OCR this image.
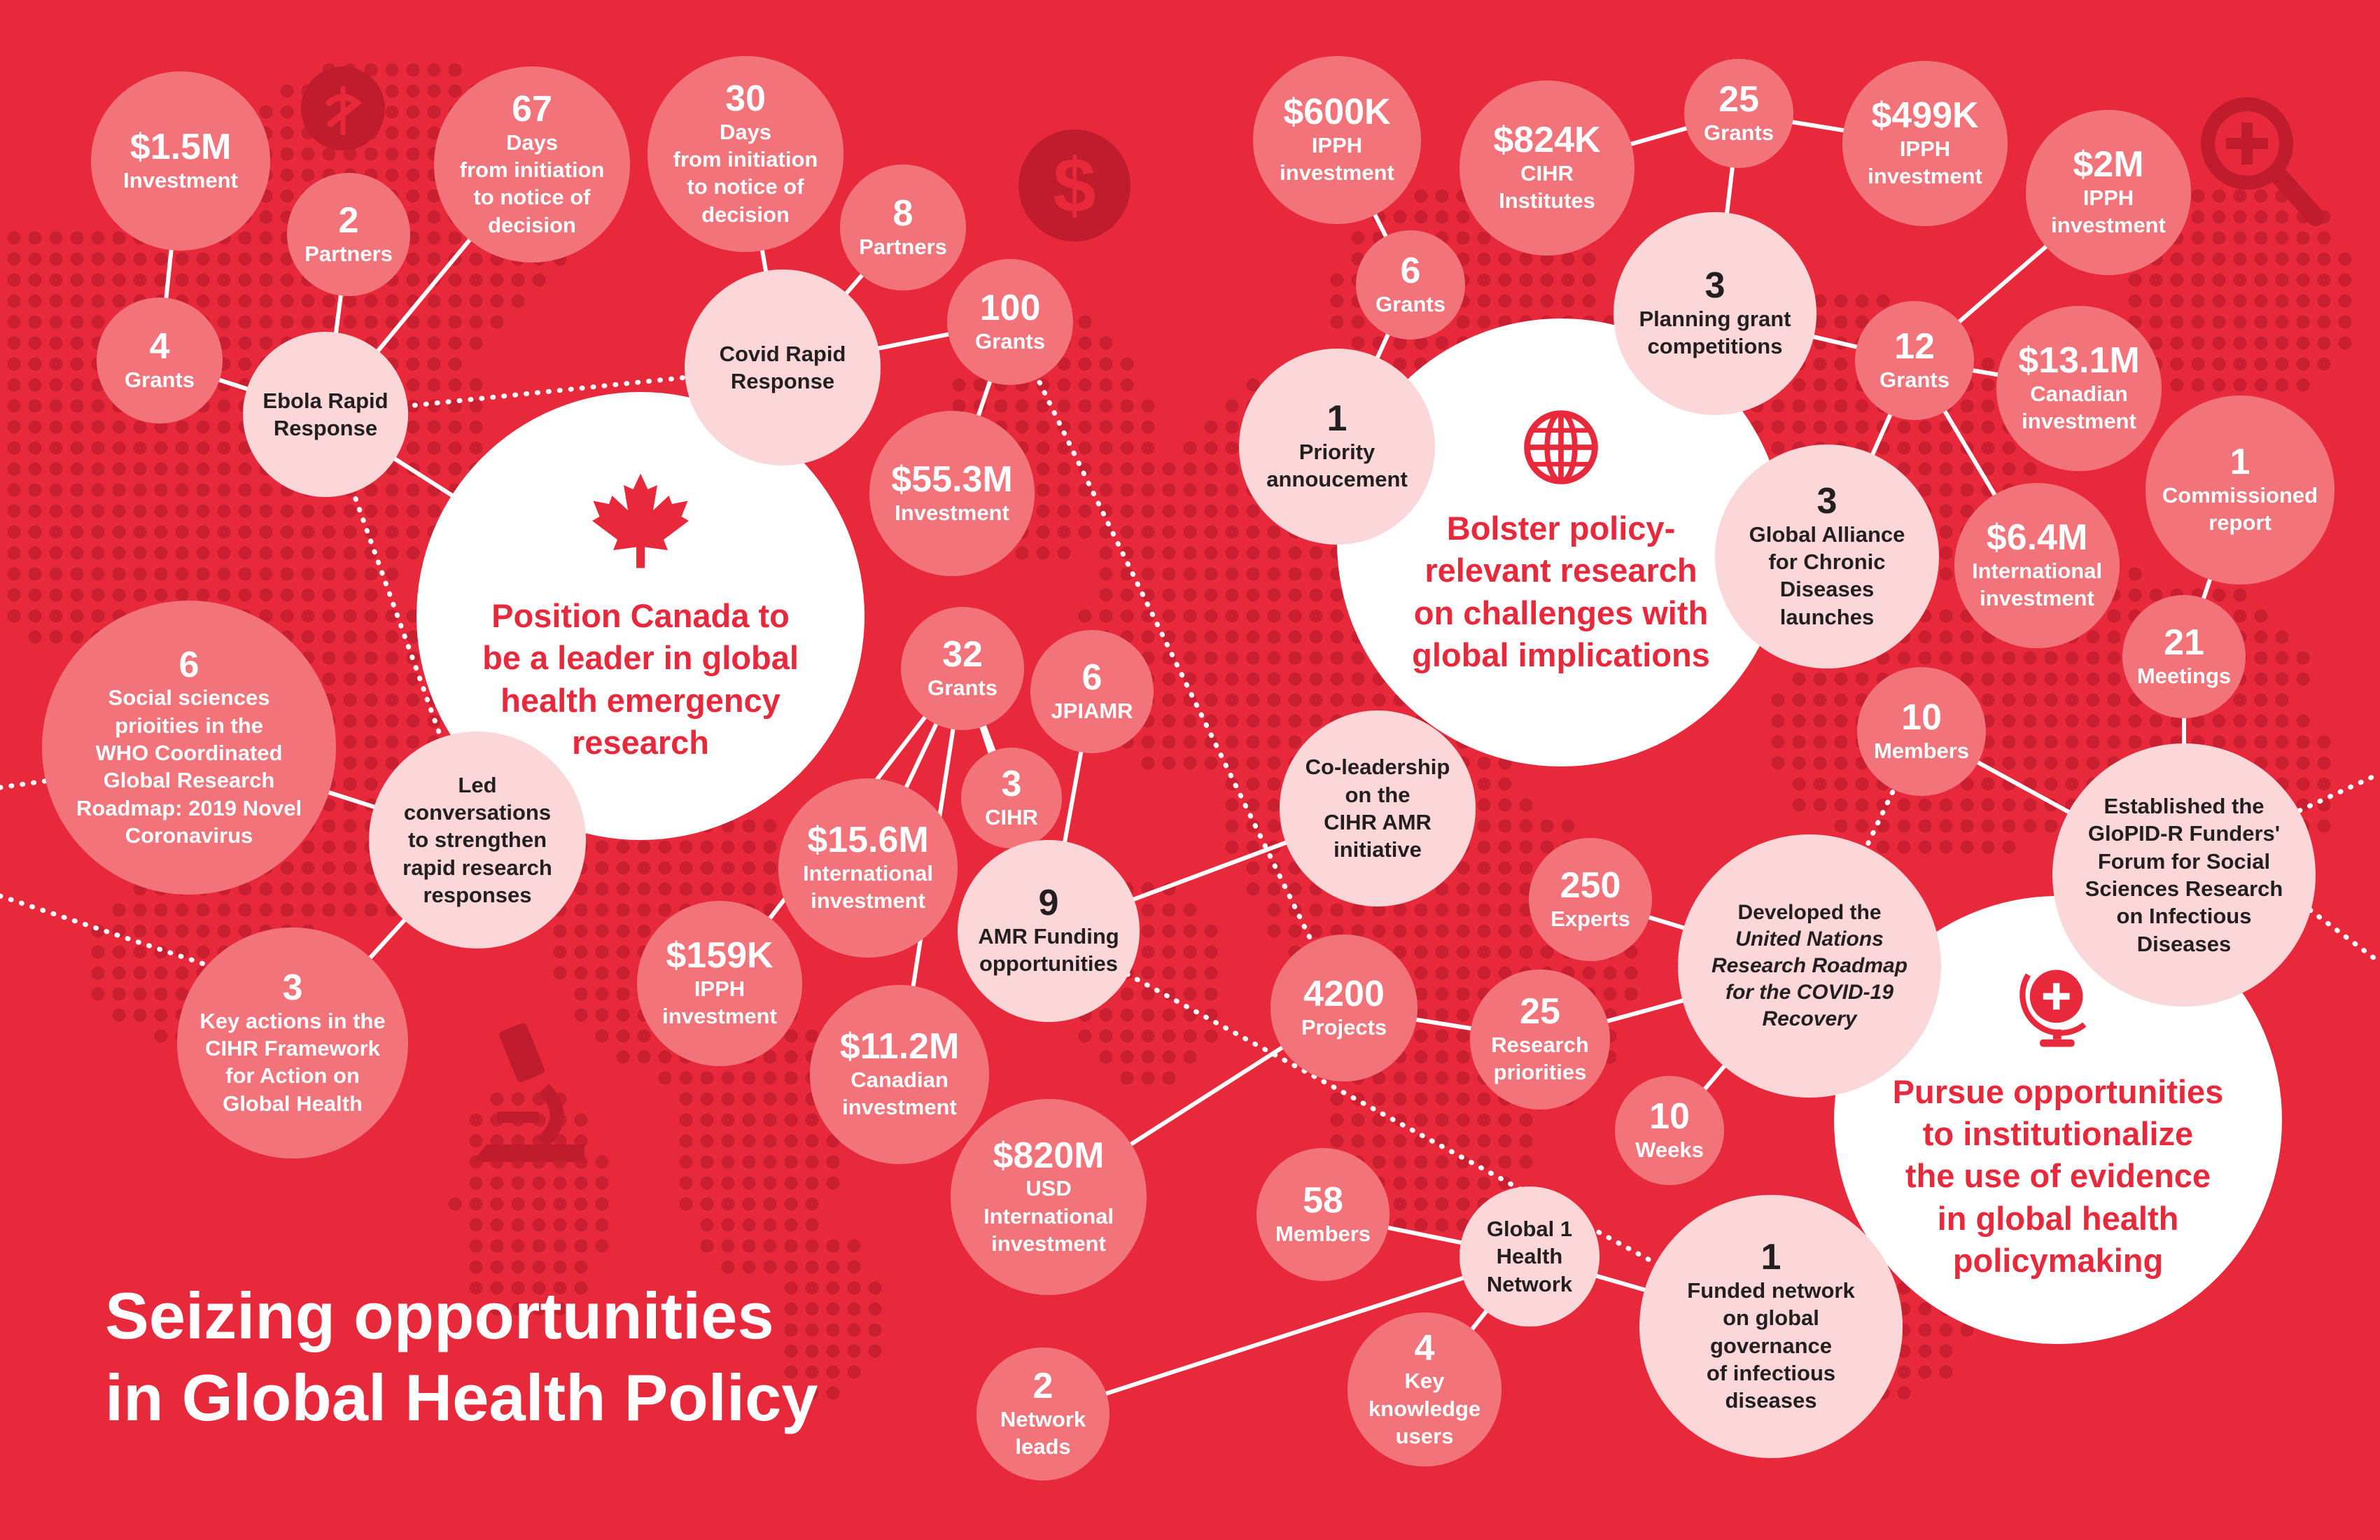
$
Position Canada to
be a leader in global
health emergency
research
Bolster policy-
relevant research
on challenges with
global implications
Pursue opportunities
to institutionalize
the use of evidence
in global health
policymaking
$1.5M
Investment
4
Grants
2
Partners
Ebola Rapid
Response
67
Days
from initiation
to notice of
decision
30
Days
from initiation
to notice of
decision	8
Partners
Covid Rapid
Response
100
Grants
$55.3M
Investment
6
Social sciences
prioities in the
WHO Coordinated
Global Research
Roadmap: 2019 Novel
Coronavirus
Led
conversations
to strengthen
rapid research
responses
3
Key actions in the
CIHR Framework
for Action on
Global Health
32
Grants 6
JPIAMR
$15.6M
International
investment
3
CIHR
9
AMR Funding
opportunities
$159K
IPPH
investment
$11.2M
Canadian
investment
$820M
USD
International
investment
$600K
IPPH
investment
6
Grants
1
Priority
annoucement
$824K
CIHR
Institutes
25
Grants	$499K
IPPH
investment $2M
IPPH
investment
3
Planning grant
competitions	12
Grants $13.1M
Canadian
investment
3
Global Alliance
for Chronic
Diseases
launches
1
Commissioned
report
$6.4M
International
investment
21
Meetings
10
Members
Co-leadership
on the
CIHR AMR
initiative
Established the
GloPID-R Funders'
Forum for Social
Sciences Research
on Infectious
Diseases
250
Experts	Developed the
United Nations
Research Roadmap
for the COVID-19
Recovery
4200
Projects	25
Research
priorities
10
Weeks
58
Members	Global 1
Health
Network
1
Funded network
on global
governance
of infectious
diseases
4
Key
knowledge
users
2
Network
leads
Seizing opportunities
in Global Health Policy
